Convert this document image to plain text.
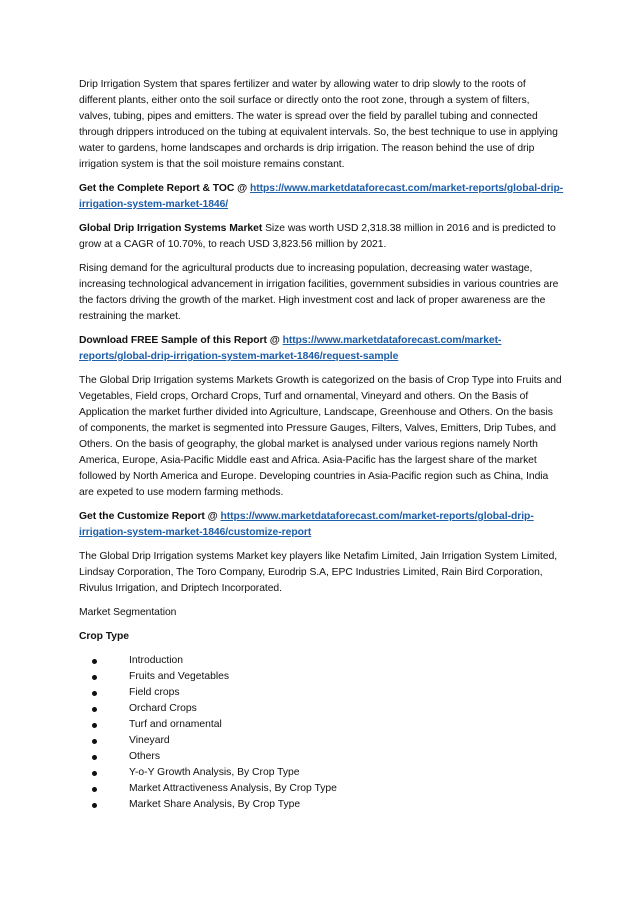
Drip Irrigation System that spares fertilizer and water by allowing water to drip slowly to the roots of different plants, either onto the soil surface or directly onto the root zone, through a system of filters, valves, tubing, pipes and emitters. The water is spread over the field by parallel tubing and connected through drippers introduced on the tubing at equivalent intervals. So, the best technique to use in applying water to gardens, home landscapes and orchards is drip irrigation. The reason behind the use of drip irrigation system is that the soil moisture remains constant.

Get the Complete Report & TOC @ https://www.marketdataforecast.com/market-reports/global-drip-irrigation-system-market-1846/

Global Drip Irrigation Systems Market Size was worth USD 2,318.38 million in 2016 and is predicted to grow at a CAGR of 10.70%, to reach USD 3,823.56 million by 2021.

Rising demand for the agricultural products due to increasing population, decreasing water wastage, increasing technological advancement in irrigation facilities, government subsidies in various countries are the factors driving the growth of the market. High investment cost and lack of proper awareness are the restraining the market.

Download FREE Sample of this Report @ https://www.marketdataforecast.com/market-reports/global-drip-irrigation-system-market-1846/request-sample

The Global Drip Irrigation systems Markets Growth is categorized on the basis of Crop Type into Fruits and Vegetables, Field crops, Orchard Crops, Turf and ornamental, Vineyard and others. On the Basis of Application the market further divided into Agriculture, Landscape, Greenhouse and Others. On the basis of components, the market is segmented into Pressure Gauges, Filters, Valves, Emitters, Drip Tubes, and Others. On the basis of geography, the global market is analysed under various regions namely North America, Europe, Asia-Pacific Middle east and Africa. Asia-Pacific has the largest share of the market followed by North America and Europe. Developing countries in Asia-Pacific region such as China, India are expeted to use modern farming methods.

Get the Customize Report @ https://www.marketdataforecast.com/market-reports/global-drip-irrigation-system-market-1846/customize-report

The Global Drip Irrigation systems Market key players like Netafim Limited, Jain Irrigation System Limited, Lindsay Corporation, The Toro Company, Eurodrip S.A, EPC Industries Limited, Rain Bird Corporation, Rivulus Irrigation, and Driptech Incorporated.

Market Segmentation

Crop Type

Introduction
Fruits and Vegetables
Field crops
Orchard Crops
Turf and ornamental
Vineyard
Others
Y-o-Y Growth Analysis, By Crop Type
Market Attractiveness Analysis, By Crop Type
Market Share Analysis, By Crop Type
